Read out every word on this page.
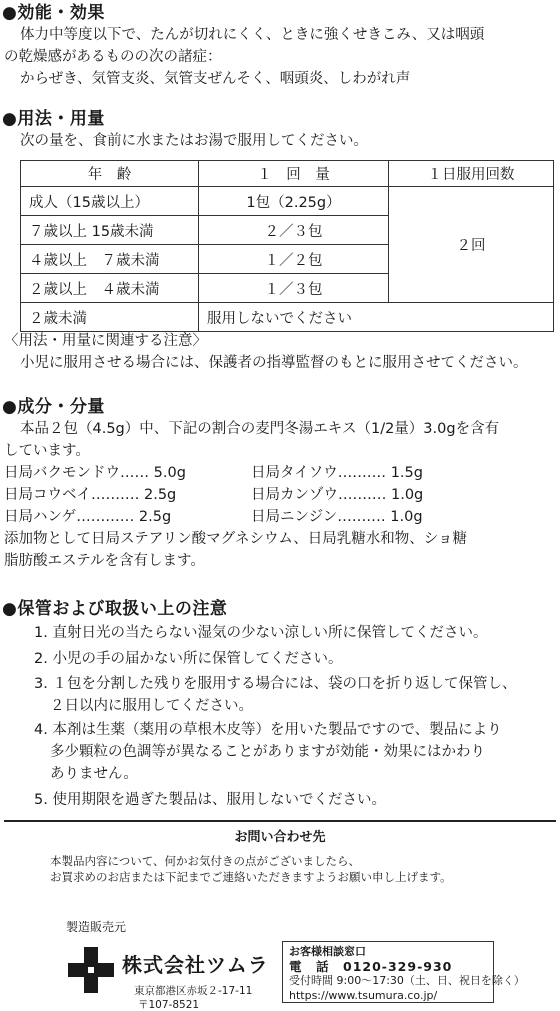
●効能・効果
体力中等度以下で、たんが切れにくく、ときに強くせきこみ、又は咽頭
の乾燥感があるものの次の諸症：
からぜき、気管支炎、気管支ぜんそく、咽頭炎、しわがれ声
●用法・用量
次の量を、食前に水またはお湯で服用してください。
年　齢	１　回　量	１日服用回数
成人（15歳以上）	1包（2.25g）	２回
７歳以上 15歳未満	２／３包	
４歳以上　７歳未満	１／２包	
２歳以上　４歳未満	１／３包	
２歳未満	服用しないでください	
〈用法・用量に関連する注意〉
小児に服用させる場合には、保護者の指導監督のもとに服用させてください。
●成分・分量
本品２包（4.5g）中、下記の割合の麦門冬湯エキス（1/2量）3.0gを含有
しています。
日局バクモンドウ‥‥‥ 5.0g	日局タイソウ‥‥‥‥‥ 1.5g
日局コウベイ‥‥‥‥‥ 2.5g	日局カンゾウ‥‥‥‥‥ 1.0g
日局ハンゲ‥‥‥‥‥‥ 2.5g	日局ニンジン‥‥‥‥‥ 1.0g
添加物として日局ステアリン酸マグネシウム、日局乳糖水和物、ショ糖
脂肪酸エステルを含有します。
●保管および取扱い上の注意
1. 直射日光の当たらない湿気の少ない涼しい所に保管してください。
2. 小児の手の届かない所に保管してください。
3. １包を分割した残りを服用する場合には、袋の口を折り返して保管し、
２日以内に服用してください。
4. 本剤は生薬（薬用の草根木皮等）を用いた製品ですので、製品により
多少顆粒の色調等が異なることがありますが効能・効果にはかわり
ありません。
5. 使用期限を過ぎた製品は、服用しないでください。
お問い合わせ先
本製品内容について、何かお気付きの点がございましたら、
お買求めのお店または下記までご連絡いただきますようお願い申し上げます。
製造販売元
株式会社ツムラ
東京都港区赤坂２-17-11
〒107-8521
お客様相談窓口
電　話　0120-329-930
受付時間 9:00～17:30（土、日、祝日を除く）
https://www.tsumura.co.jp/
